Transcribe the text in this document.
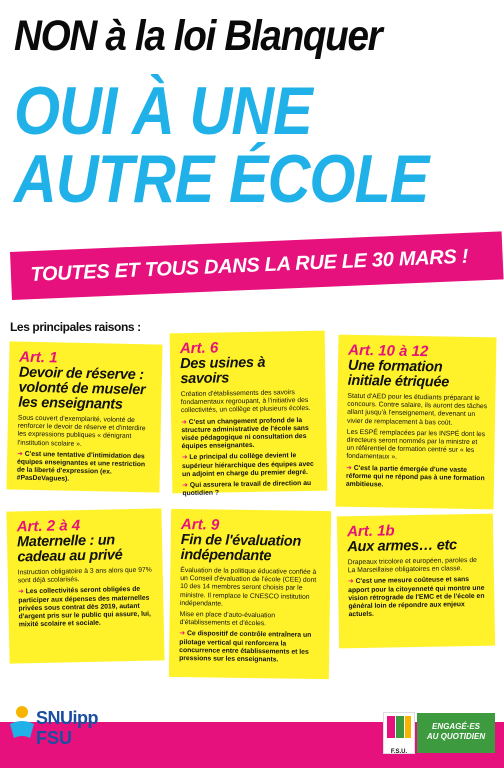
NON à la loi Blanquer
OUI À UNE
AUTRE ÉCOLE
TOUTES ET TOUS DANS LA RUE LE 30 MARS !
Les principales raisons :
Art. 1
Devoir de réserve : volonté de museler les enseignants

Sous couvert d'exemplarité, volonté de renforcer le devoir de réserve et d'interdire les expressions publiques « dénigrant l'institution scolaire ».

➜ C'est une tentative d'intimidation des équipes enseignantes et une restriction de la liberté d'expression (ex. #PasDeVagues).

Art. 6
Des usines à savoirs

Création d'établissements des savoirs fondamentaux regroupant, à l'initiative des collectivités, un collège et plusieurs écoles.

➜ C'est un changement profond de la structure administrative de l'école sans visée pédagogique ni consultation des équipes enseignantes.

➜ Le principal du collège devient le supérieur hiérarchique des équipes avec un adjoint en charge du premier degré.

➜ Qui assurera le travail de direction au quotidien ?

Art. 10 à 12
Une formation initiale étriquée

Statut d'AED pour les étudiants préparant le concours. Contre salaire, ils auront des tâches allant jusqu'à l'enseignement, devenant un vivier de remplacement à bas coût.

Les ESPÉ remplacées par les INSPÉ dont les directeurs seront nommés par la ministre et un référentiel de formation centré sur « les fondamentaux ».

➜ C'est la partie émergée d'une vaste réforme qui ne répond pas à une formation ambitieuse.

Art. 2 à 4
Maternelle : un cadeau au privé

Instruction obligatoire à 3 ans alors que 97% sont déjà scolarisés.

➜ Les collectivités seront obligées de participer aux dépenses des maternelles privées sous contrat dès 2019, autant d'argent pris sur le public qui assure, lui, mixité scolaire et sociale.

Art. 9
Fin de l'évaluation indépendante

Évaluation de la politique éducative confiée à un Conseil d'évaluation de l'école (CEE) dont 10 des 14 membres seront choisis par le ministre. Il remplace le CNESCO institution indépendante.

Mise en place d'auto-évaluation d'établissements et d'écoles.

➜ Ce dispositif de contrôle entraînera un pilotage vertical qui renforcera la concurrence entre établissements et les pressions sur les enseignants.

Art. 1b
Aux armes… etc

Drapeaux tricolore et européen, paroles de La Marseillaise obligatoires en classe.

➜ C'est une mesure coûteuse et sans apport pour la citoyenneté qui montre une vision rétrograde de l'EMC et de l'école en général loin de répondre aux enjeux actuels.

SNUipp
FSU
F.S.U.
ENGAGÉ·ES
AU QUOTIDIEN
